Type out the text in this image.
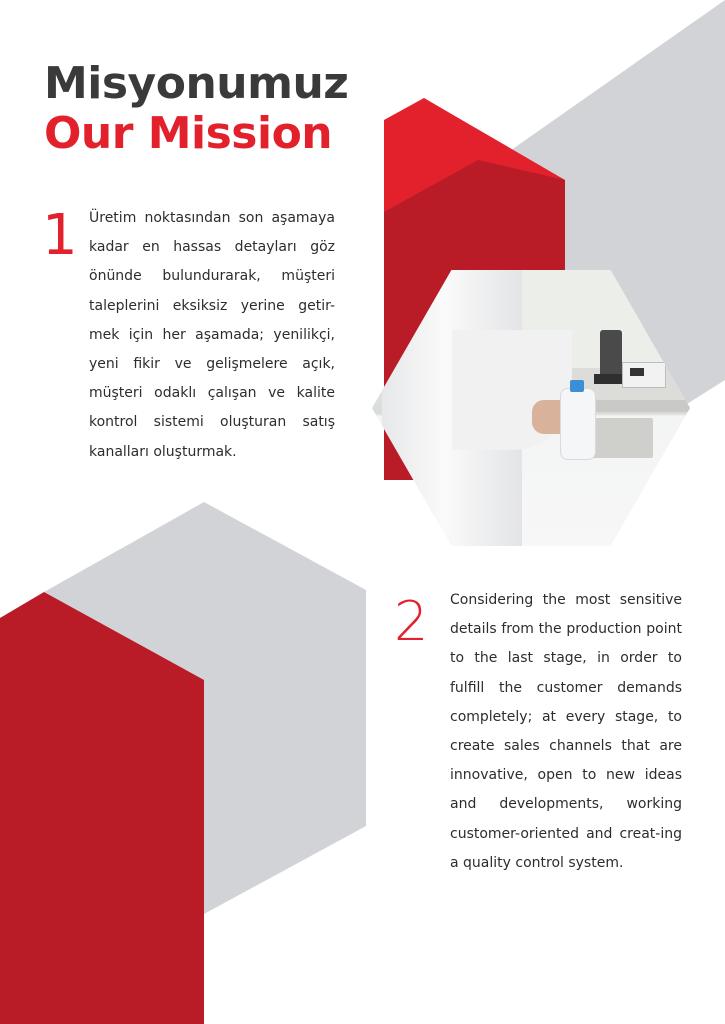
Misyonumuz
Our Mission
1 Üretim noktasından son aşamaya kadar en hassas detayları göz önünde bulundurarak, müşteri taleplerini eksiksiz yerine getir-mek için her aşamada; yenilikçi, yeni fikir ve gelişmelere açık, müşteri odaklı çalışan ve kalite kontrol sistemi oluşturan satış kanalları oluşturmak.

2 Considering the most sensitive details from the production point to the last stage, in order to fulfill the customer demands completely; at every stage, to create sales channels that are innovative, open to new ideas and developments, working customer-oriented and creat-ing a quality control system.
